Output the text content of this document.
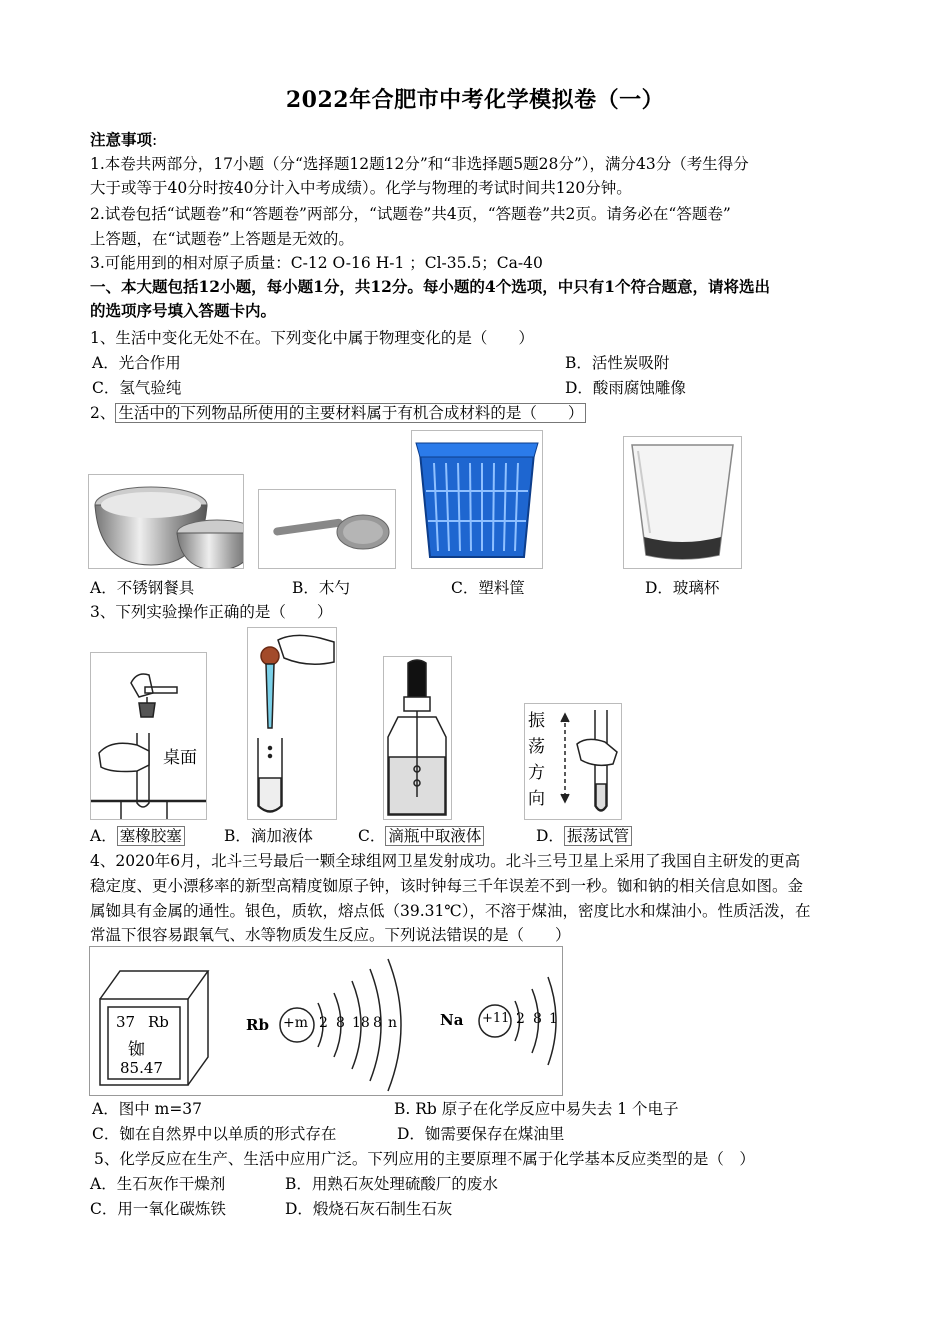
2022年合肥市中考化学模拟卷（一）
注意事项:
1.本卷共两部分，17小题（分“选择题12题12分”和“非选择题5题28分”），满分43分（考生得分
大于或等于40分时按40分计入中考成绩）。化学与物理的考试时间共120分钟。
2.试卷包括“试题卷”和“答题卷”两部分，“试题卷”共4页，“答题卷”共2页。请务必在“答题卷”
上答题，在“试题卷”上答题是无效的。
3.可能用到的相对原子质量：C-12 O-16 H-1 ；Cl-35.5；Ca-40
一、本大题包括12小题，每小题1分，共12分。每小题的4个选项，中只有1个符合题意，请将选出
的选项序号填入答题卡内。
1、生活中变化无处不在。下列变化中属于物理变化的是（　　）
A．光合作用	B．活性炭吸附
C．氢气验纯	D．酸雨腐蚀雕像
2、 生活中的下列物品所使用的主要材料属于有机合成材料的是（　　）
A．不锈钢餐具	B．木勺	C．塑料筐	D．玻璃杯
3、下列实验操作正确的是（　　）
桌面
振
荡
方
向
A． 塞橡胶塞	B．滴加液体	C． 滴瓶中取液体	D． 振荡试管
4、2020年6月，北斗三号最后一颗全球组网卫星发射成功。北斗三号卫星上采用了我国自主研发的更高
稳定度、更小漂移率的新型高精度铷原子钟，该时钟每三千年误差不到一秒。铷和钠的相关信息如图。金
属铷具有金属的通性。银色，质软，熔点低（39.31℃），不溶于煤油，密度比水和煤油小。性质活泼，在
常温下很容易跟氧气、水等物质发生反应。下列说法错误的是（　　）
37 Rb
铷
85.47
Rb +m 2 8 18 8 n	Na +11 2 8 1
A．图中 m=37	B. Rb 原子在化学反应中易失去 1 个电子
C．铷在自然界中以单质的形式存在	D．铷需要保存在煤油里
5、化学反应在生产、生活中应用广泛。下列应用的主要原理不属于化学基本反应类型的是（　）
A．生石灰作干燥剂	B．用熟石灰处理硫酸厂的废水
C．用一氧化碳炼铁	D．煅烧石灰石制生石灰
